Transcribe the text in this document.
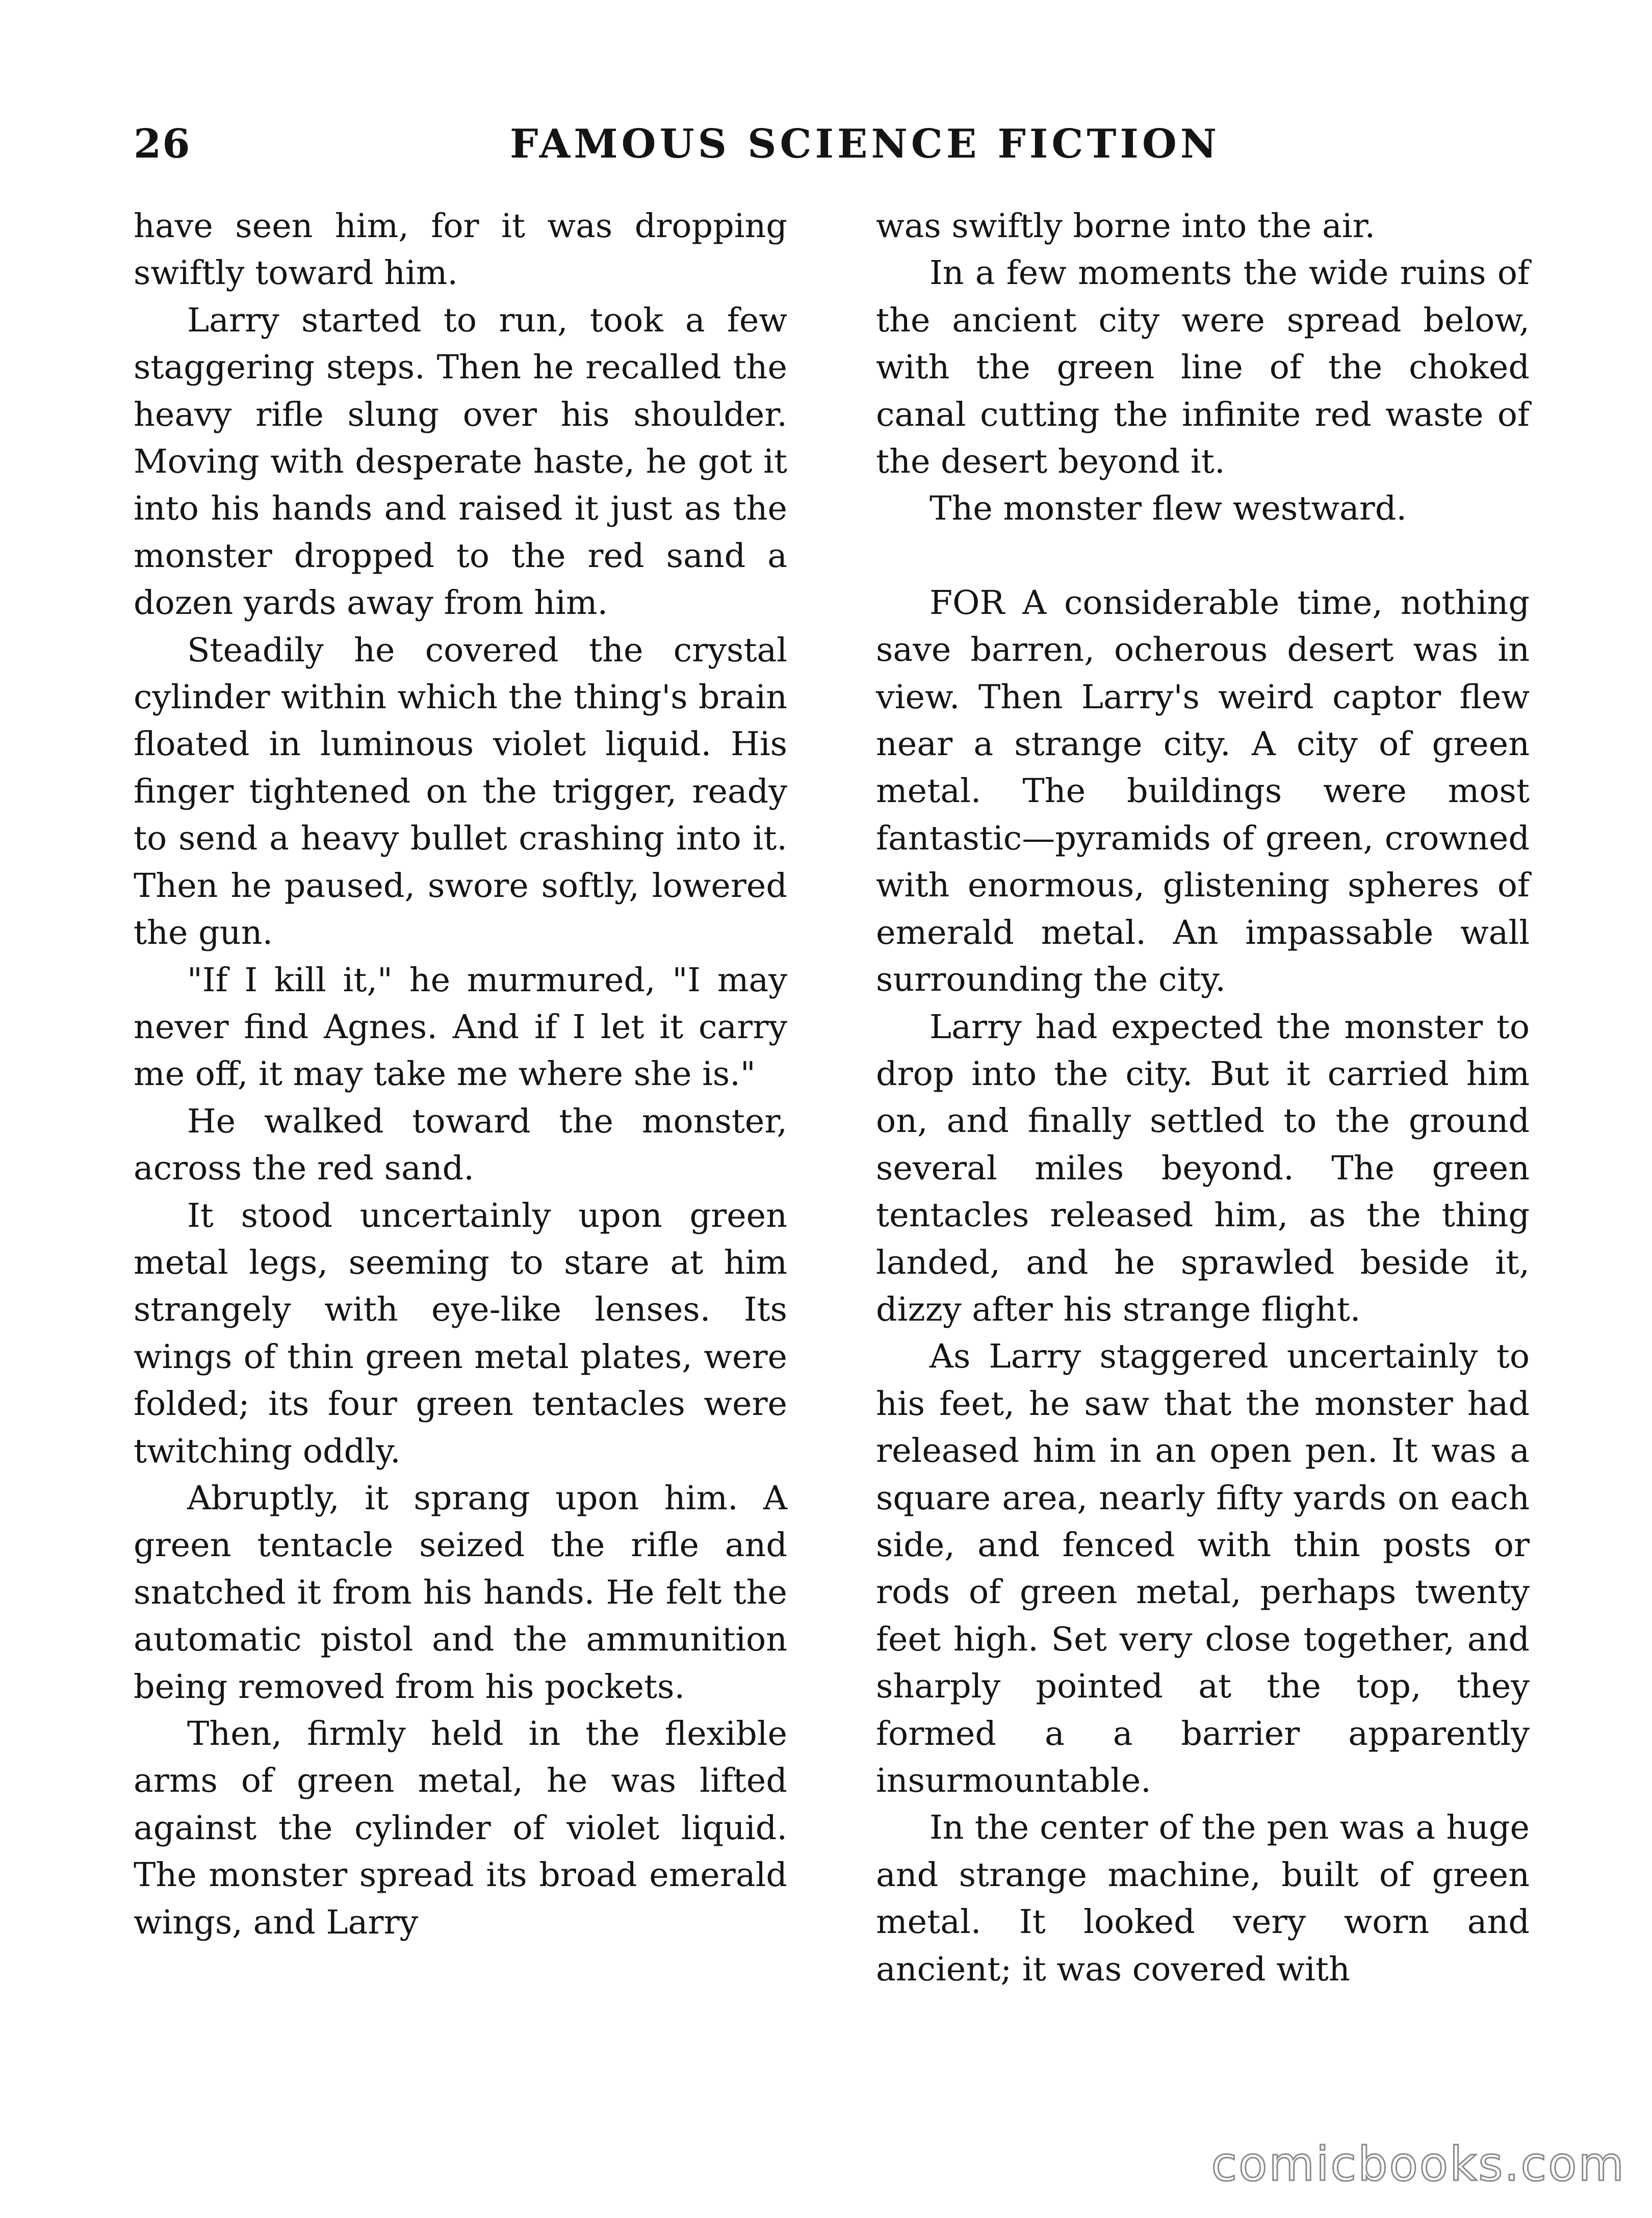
26	FAMOUS SCIENCE FICTION

have seen him, for it was dropping swiftly toward him.

Larry started to run, took a few staggering steps. Then he recalled the heavy rifle slung over his shoulder. Moving with desperate haste, he got it into his hands and raised it just as the monster dropped to the red sand a dozen yards away from him.

Steadily he covered the crystal cylinder within which the thing's brain floated in luminous violet liquid. His finger tightened on the trigger, ready to send a heavy bullet crashing into it. Then he paused, swore softly, lowered the gun.

"If I kill it," he murmured, "I may never find Agnes. And if I let it carry me off, it may take me where she is."

He walked toward the monster, across the red sand.

It stood uncertainly upon green metal legs, seeming to stare at him strangely with eye-like lenses. Its wings of thin green metal plates, were folded; its four green tentacles were twitching oddly.

Abruptly, it sprang upon him. A green tentacle seized the rifle and snatched it from his hands. He felt the automatic pistol and the ammunition being removed from his pockets.

Then, firmly held in the flexible arms of green metal, he was lifted against the cylinder of violet liquid. The monster spread its broad emerald wings, and Larry

was swiftly borne into the air.

In a few moments the wide ruins of the ancient city were spread below, with the green line of the choked canal cutting the infinite red waste of the desert beyond it.

The monster flew westward.

FOR A considerable time, nothing save barren, ocherous desert was in view. Then Larry's weird captor flew near a strange city. A city of green metal. The buildings were most fantastic—pyramids of green, crowned with enormous, glistening spheres of emerald metal. An impassable wall surrounding the city.

Larry had expected the monster to drop into the city. But it carried him on, and finally settled to the ground several miles beyond. The green tentacles released him, as the thing landed, and he sprawled beside it, dizzy after his strange flight.

As Larry staggered uncertainly to his feet, he saw that the monster had released him in an open pen. It was a square area, nearly fifty yards on each side, and fenced with thin posts or rods of green metal, perhaps twenty feet high. Set very close together, and sharply pointed at the top, they formed a a barrier apparently insurmountable.

In the center of the pen was a huge and strange machine, built of green metal. It looked very worn and ancient; it was covered with

comicbooks.com
